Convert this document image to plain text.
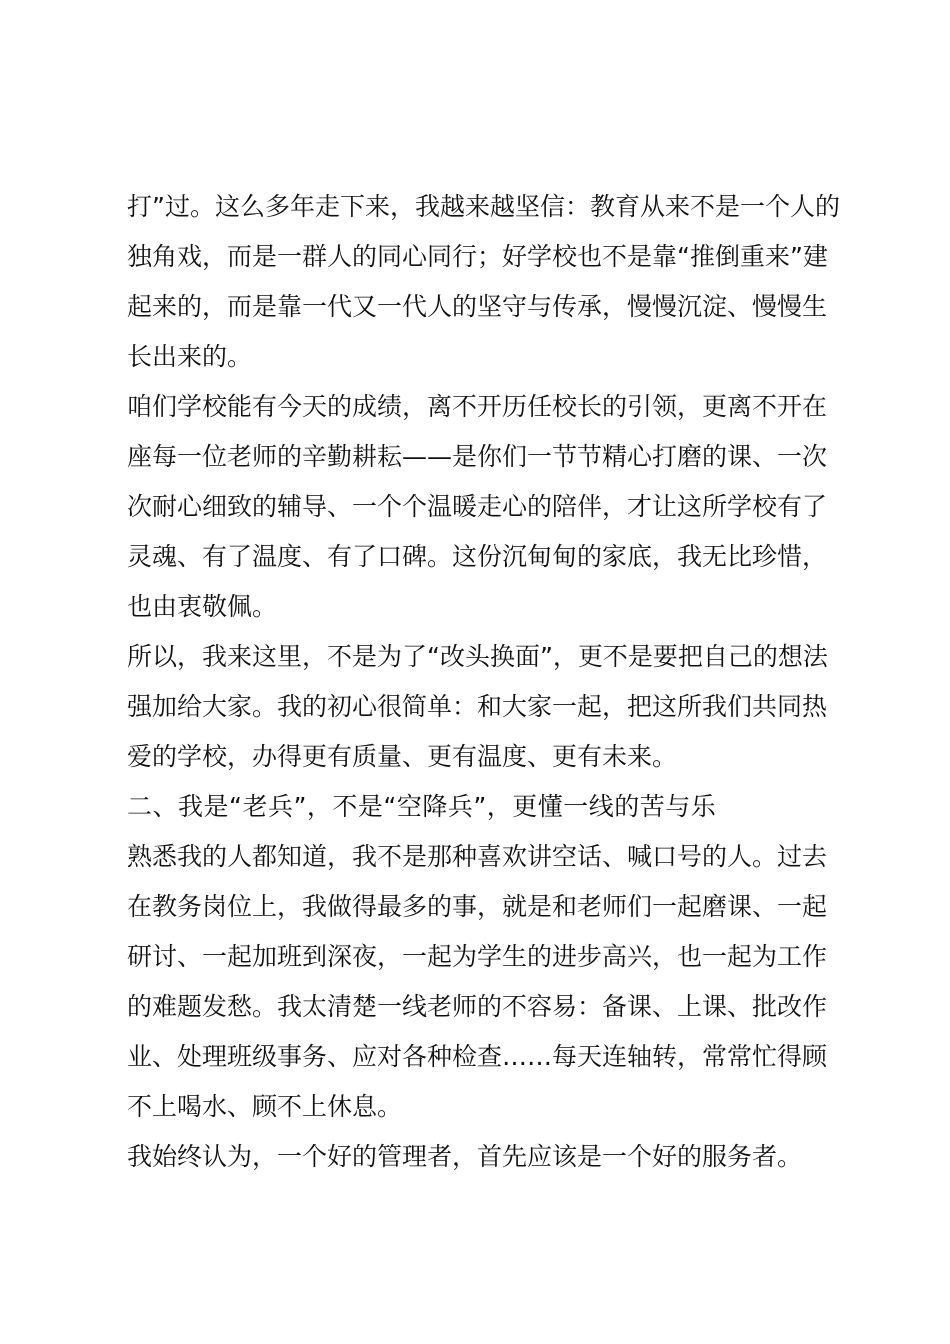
打”过。这么多年走下来，我越来越坚信：教育从来不是一个人的独角戏，而是一群人的同心同行；好学校也不是靠“推倒重来”建起来的，而是靠一代又一代人的坚守与传承，慢慢沉淀、慢慢生长出来的。

咱们学校能有今天的成绩，离不开历任校长的引领，更离不开在座每一位老师的辛勤耕耘——是你们一节节精心打磨的课、一次次耐心细致的辅导、一个个温暖走心的陪伴，才让这所学校有了灵魂、有了温度、有了口碑。这份沉甸甸的家底，我无比珍惜，也由衷敬佩。

所以，我来这里，不是为了“改头换面”，更不是要把自己的想法强加给大家。我的初心很简单：和大家一起，把这所我们共同热爱的学校，办得更有质量、更有温度、更有未来。

二、我是“老兵”，不是“空降兵”，更懂一线的苦与乐

熟悉我的人都知道，我不是那种喜欢讲空话、喊口号的人。过去在教务岗位上，我做得最多的事，就是和老师们一起磨课、一起研讨、一起加班到深夜，一起为学生的进步高兴，也一起为工作的难题发愁。我太清楚一线老师的不容易：备课、上课、批改作业、处理班级事务、应对各种检查……每天连轴转，常常忙得顾不上喝水、顾不上休息。

我始终认为，一个好的管理者，首先应该是一个好的服务者。
